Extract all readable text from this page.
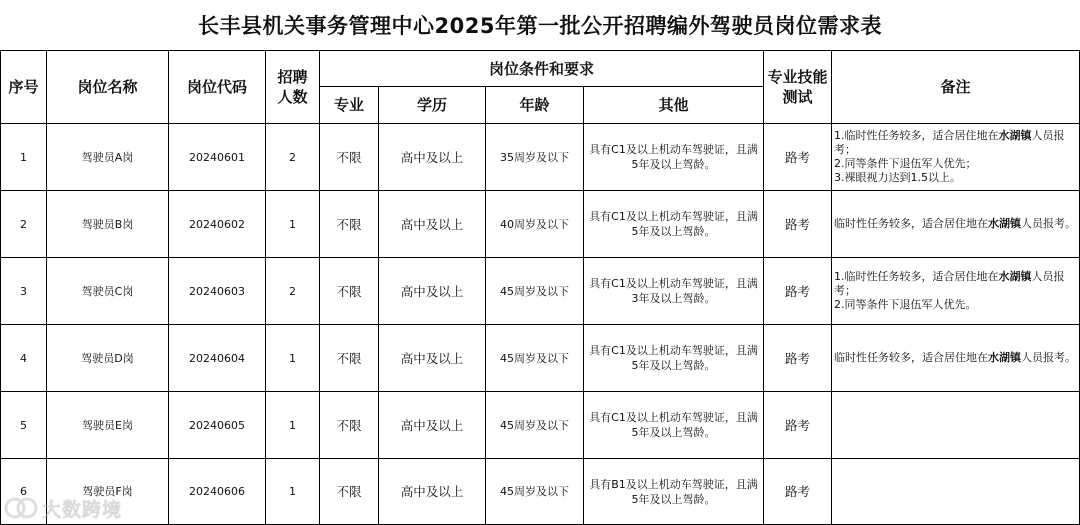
长丰县机关事务管理中心2025年第一批公开招聘编外驾驶员岗位需求表
序号	岗位名称	岗位代码	招聘人数	岗位条件和要求				专业技能测试	备注
				专业	学历	年龄	其他		
1	驾驶员A岗	20240601	2	不限	高中及以上	35周岁及以下	具有C1及以上机动车驾驶证，且满5年及以上驾龄。	路考	1.临时性任务较多，适合居住地在水湖镇人员报考；
2.同等条件下退伍军人优先；
3.裸眼视力达到1.5以上。

2	驾驶员B岗	20240602	1	不限	高中及以上	40周岁及以下	具有C1及以上机动车驾驶证，且满5年及以上驾龄。	路考	临时性任务较多，适合居住地在水湖镇人员报考。

3	驾驶员C岗	20240603	2	不限	高中及以上	45周岁及以下	具有C1及以上机动车驾驶证，且满3年及以上驾龄。	路考	1.临时性任务较多，适合居住地在水湖镇人员报考；
2.同等条件下退伍军人优先。

4	驾驶员D岗	20240604	1	不限	高中及以上	45周岁及以下	具有C1及以上机动车驾驶证，且满5年及以上驾龄。	路考	临时性任务较多，适合居住地在水湖镇人员报考。

5	驾驶员E岗	20240605	1	不限	高中及以上	45周岁及以下	具有C1及以上机动车驾驶证，且满5年及以上驾龄。	路考	
6	驾驶员F岗	20240606	1	不限	高中及以上	45周岁及以下	具有B1及以上机动车驾驶证，且满5年及以上驾龄。	路考	
大数跨境
